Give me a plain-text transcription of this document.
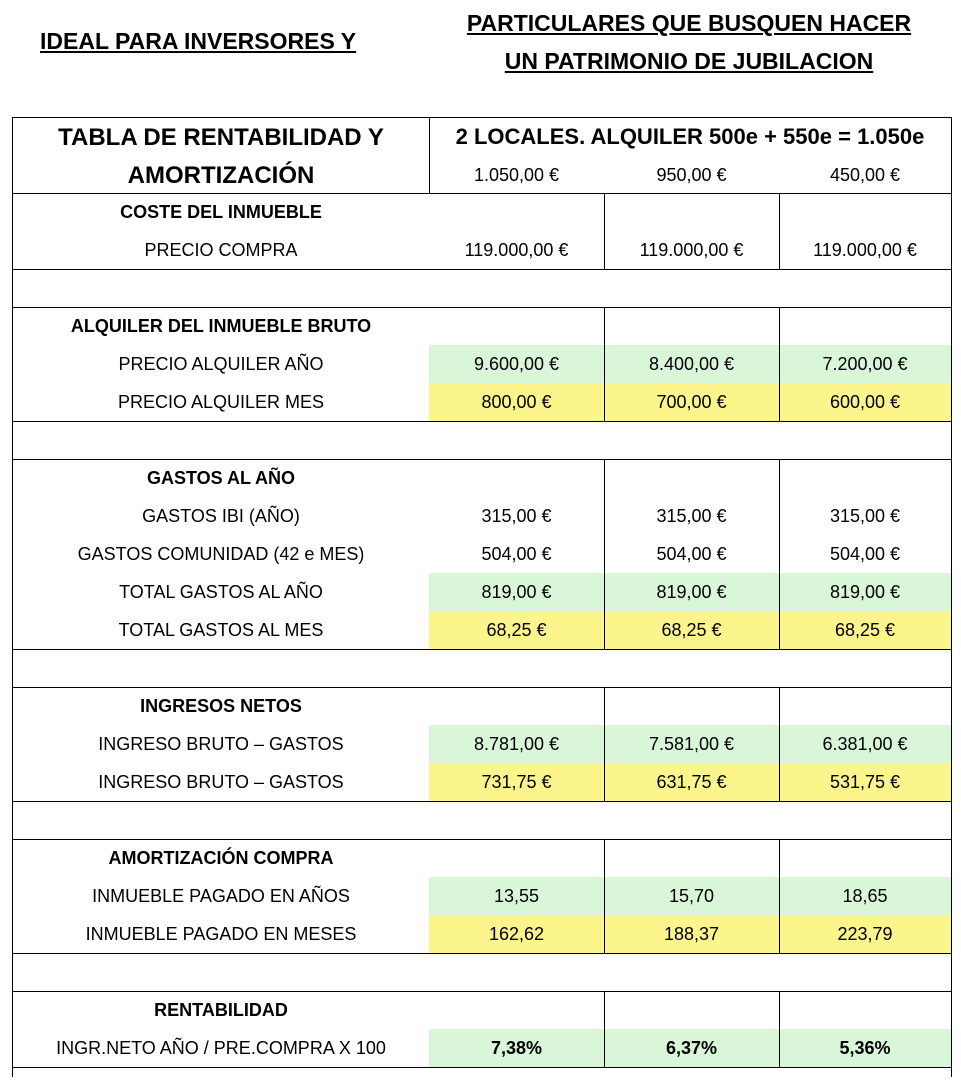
IDEAL PARA INVERSORES Y
PARTICULARES QUE BUSQUEN HACER
UN PATRIMONIO DE JUBILACION
TABLA DE RENTABILIDAD Y
AMORTIZACIÓN
2 LOCALES. ALQUILER 500e + 550e = 1.050e
1.050,00 €	950,00 €	450,00 €
COSTE DEL INMUEBLE
PRECIO COMPRA	119.000,00 €	119.000,00 €	119.000,00 €
ALQUILER DEL INMUEBLE BRUTO
PRECIO ALQUILER AÑO	9.600,00 €	8.400,00 €	7.200,00 €
PRECIO ALQUILER MES	800,00 €	700,00 €	600,00 €
GASTOS AL AÑO
GASTOS IBI (AÑO)	315,00 €	315,00 €	315,00 €
GASTOS COMUNIDAD (42 e MES)	504,00 €	504,00 €	504,00 €
TOTAL GASTOS AL AÑO	819,00 €	819,00 €	819,00 €
TOTAL GASTOS AL MES	68,25 €	68,25 €	68,25 €
INGRESOS NETOS
INGRESO BRUTO – GASTOS	8.781,00 €	7.581,00 €	6.381,00 €
INGRESO BRUTO – GASTOS	731,75 €	631,75 €	531,75 €
AMORTIZACIÓN COMPRA
INMUEBLE PAGADO EN AÑOS	13,55	15,70	18,65
INMUEBLE PAGADO EN MESES	162,62	188,37	223,79
RENTABILIDAD
INGR.NETO AÑO / PRE.COMPRA X 100	7,38%	6,37%	5,36%
